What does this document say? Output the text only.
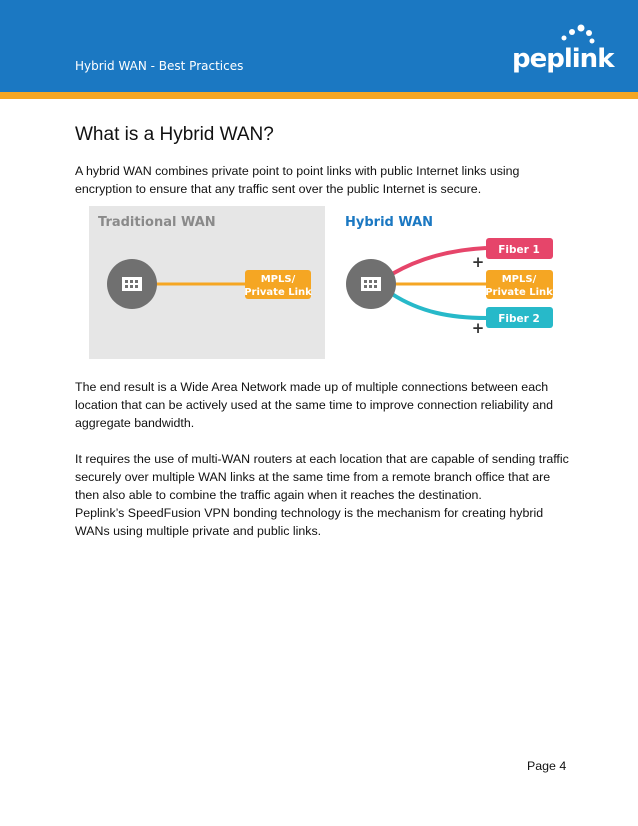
Hybrid WAN - Best Practices	peplink
What is a Hybrid WAN?

A hybrid WAN combines private point to point links with public Internet links using encryption to ensure that any traffic sent over the public Internet is secure.

Traditional WAN
MPLS/
Private Link
Hybrid WAN
Fiber 1
+
MPLS/
Private Link
Fiber 2
+

The end result is a Wide Area Network made up of multiple connections between each location that can be actively used at the same time to improve connection reliability and aggregate bandwidth.

It requires the use of multi-WAN routers at each location that are capable of sending traffic securely over multiple WAN links at the same time from a remote branch office that are then also able to combine the traffic again when it reaches the destination.

Peplink’s SpeedFusion VPN bonding technology is the mechanism for creating hybrid WANs using multiple private and public links.

Page 4
